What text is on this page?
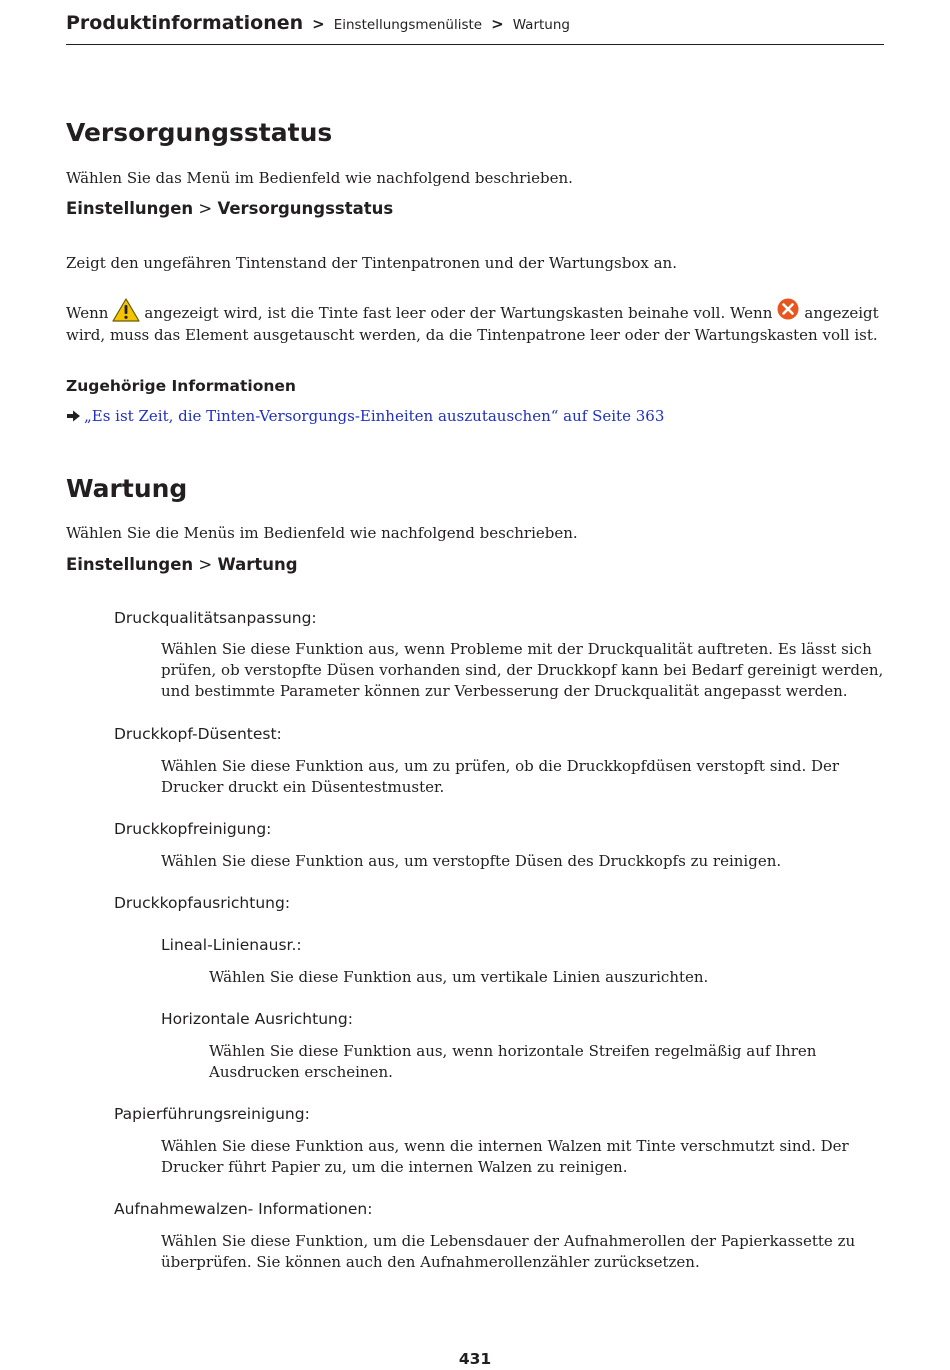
Produktinformationen > Einstellungsmenüliste > Wartung
Versorgungsstatus

Wählen Sie das Menü im Bedienfeld wie nachfolgend beschrieben.

Einstellungen > Versorgungsstatus

Zeigt den ungefähren Tintenstand der Tintenpatronen und der Wartungsbox an.

Wenn angezeigt wird, ist die Tinte fast leer oder der Wartungskasten beinahe voll. Wenn angezeigt wird, muss das Element ausgetauscht werden, da die Tintenpatrone leer oder der Wartungskasten voll ist.

Zugehörige Informationen
„Es ist Zeit, die Tinten-Versorgungs-Einheiten auszutauschen“ auf Seite 363
Wartung

Wählen Sie die Menüs im Bedienfeld wie nachfolgend beschrieben.

Einstellungen > Wartung
Druckqualitätsanpassung:

Wählen Sie diese Funktion aus, wenn Probleme mit der Druckqualität auftreten. Es lässt sich prüfen, ob verstopfte Düsen vorhanden sind, der Druckkopf kann bei Bedarf gereinigt werden, und bestimmte Parameter können zur Verbesserung der Druckqualität angepasst werden.

Druckkopf-Düsentest:

Wählen Sie diese Funktion aus, um zu prüfen, ob die Druckkopfdüsen verstopft sind. Der Drucker druckt ein Düsentestmuster.

Druckkopfreinigung:

Wählen Sie diese Funktion aus, um verstopfte Düsen des Druckkopfs zu reinigen.

Druckkopfausrichtung:
Lineal-Linienausr.:

Wählen Sie diese Funktion aus, um vertikale Linien auszurichten.

Horizontale Ausrichtung:

Wählen Sie diese Funktion aus, wenn horizontale Streifen regelmäßig auf Ihren Ausdrucken erscheinen.

Papierführungsreinigung:

Wählen Sie diese Funktion aus, wenn die internen Walzen mit Tinte verschmutzt sind. Der Drucker führt Papier zu, um die internen Walzen zu reinigen.

Aufnahmewalzen- Informationen:

Wählen Sie diese Funktion, um die Lebensdauer der Aufnahmerollen der Papierkassette zu überprüfen. Sie können auch den Aufnahmerollenzähler zurücksetzen.

431
